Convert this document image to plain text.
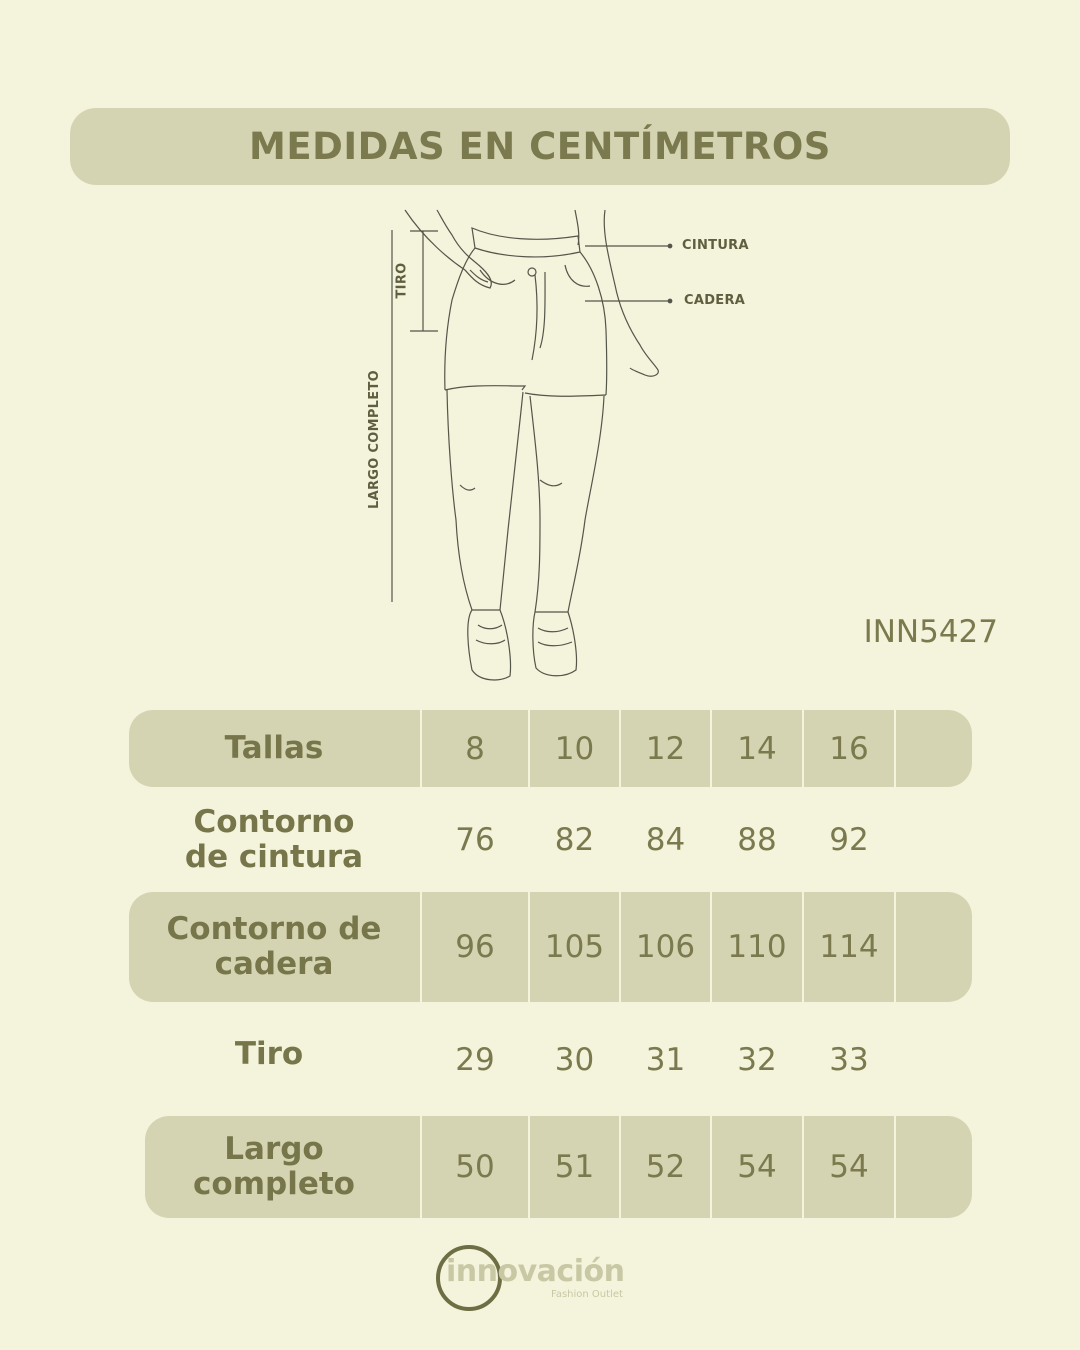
MEDIDAS EN CENTÍMETROS
CINTURA
CADERA
TIRO
LARGO COMPLETO
INN5427
Tallas	8	10	12	14	16
Contorno de cintura	76	82	84	88	92
Contorno de cadera	96	105	106	110	114
Tiro	29	30	31	32	33
Largo completo	50	51	52	54	54
innovación
Fashion Outlet
